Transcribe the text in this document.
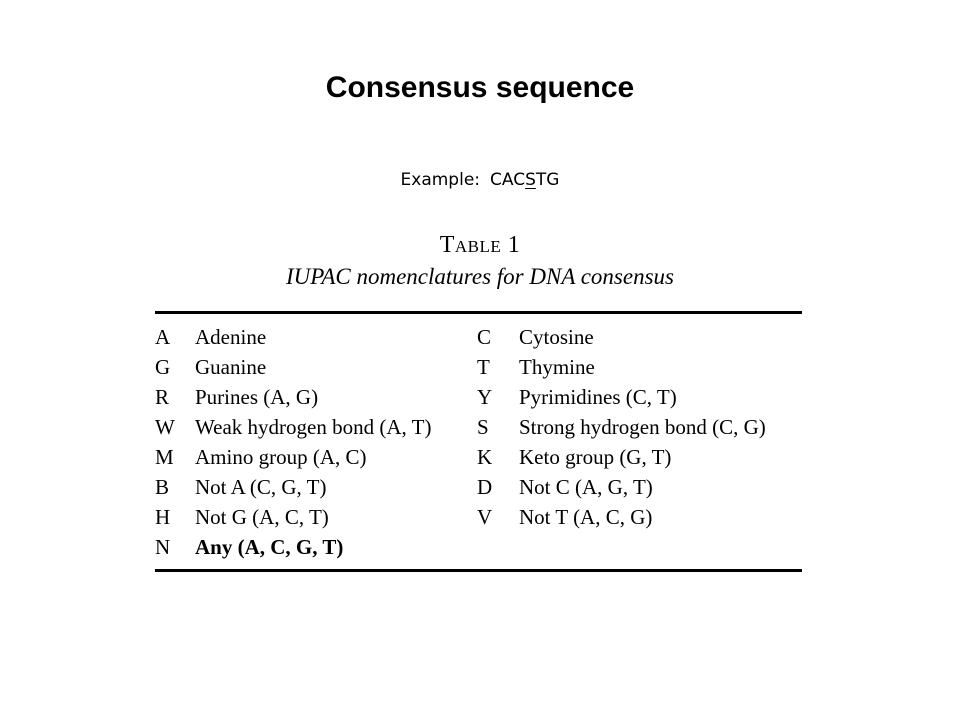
Consensus sequence
Example: CACSTG
Table 1
IUPAC nomenclatures for DNA consensus
A	Adenine	C	Cytosine
G	Guanine	T	Thymine
R	Purines (A, G)	Y	Pyrimidines (C, T)
W Weak hydrogen bond (A, T)	S	Strong hydrogen bond (C, G)
M	Amino group (A, C)	K	Keto group (G, T)
B	Not A (C, G, T)	D	Not C (A, G, T)
H	Not G (A, C, T)	V	Not T (A, C, G)
N	Any (A, C, G, T)
